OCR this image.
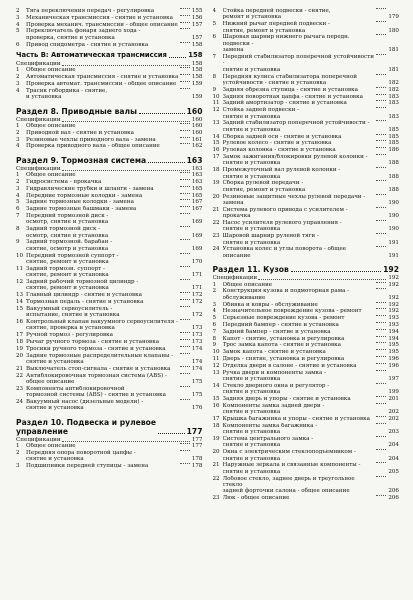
2	Тяга переключения передач - регулировка	155
3	Механическая трансмиссия - снятие и установка	156
4	Проверка механич. трансмиссии - общее описание 157
5	Переключатель фонаря заднего хода -
проверка, снятие и установка	157
6	Привод спидометра - снятие и установка	158
Часть В: Автоматическая трансмиссия	158
Спецификации	158
1	Общее описание	158
2	Автоматическая трансмиссия - снятие и установка 158
3	Проверка автомат. трансмиссии - общее описание	159
4	Трасик гобордика - снятие,
и установка	159
Раздел 8. Приводные валы	160
Спецификации	160
1	Общее описание	160
2	Приводной вал - снятие и установка	160
3	Резиновые чехлы приводного вала - замена	161
4	Проверка приводного вала - общее описание	162
Раздел 9. Тормозная система	163
Спецификации	163
1	Общее описание	163
2	Гидросистема - прокачка	163
3	Гидравлические трубки и шланги - замена	165
4	Передние тормозные колодки - замена	165
5	Задние тормозные колодки - замена	167
6	Задние тормозные башмаки - замена	167
7	Передний тормозной диск -
осмотр, снятие и установка	169
8	Задний тормозной диск -
осмотр, снятие и установка	169
9	Задний тормозной. барабан -
снятие, осмотр и установка	169
10 Передний тормозной суппорт -
снятие, ремонт и установка	170
11 Задний тормозн. суппорт -
снятие, ремонт и установка	171
12 Задний рабочий тормозной цилиндр -
снятие, ремонт и установка	171
13 Главный цилиндр - снятие и установка	172
14 Тормозная педаль - снятие и установка	172
15 Вакуумный сервоусилитель -
испытание, снятие и установка	172
16 Контрольный клапан вакуумного сервоусилителя -
снятие, проверка и установка	173
17 Ручной тормоз - регулировка	173
18 Рычаг ручного тормоза - снятие и установка	173
19 Тросики ручного тормоза - снятие и установка	174
20 Задние тормозные распределительные клапаны -
снятие и установка	174
21 Выключатель стоп-сигнала - снятие и установка	174
22 Антиблокировочная тормозная система (ABS) -
общее описание	175
23 Компоненты антиблокировочной
тормозной системы (ABS) - снятие и установка	175
24 Вакуумный насос (дизельные модели) -
снятие и установка	176
Раздел 10. Подвеска и рулевое
управление	177
Спецификации	177
1	Общее описание	177
2	Передняя опора поворотной цапфы -
снятие и установка	178
3	Подшипники передней ступицы - замена	178
4	Стойка передней подвески - снятие,
ремонт и установка	179
5	Нижний рычаг передней подвески -
снятие, ремонт и установка	180
6	Шаровая шарнир нижнего рычага передн. подвески -
замена	181
7	Передний стабилизатор поперечной устойчивости -
снятие и установка	181
8	Передняя кулиса стабилизатора поперечной
устойчивости - снятие и установка	182
9	Задняя обрезна ступица - снятие и установка	182
10 Задняя поворотная цапфа - снятие и установка	183
11 Задний амортизатор - снятие и установка	183
12 Стойка задней подвески -
снятие и установка	183
13 Задний стабилизатор поперечной устойчивости -
снятие и установка	185
14 Сборка задней оси - снятие и установка	185
15 Рулевое колесо - снятие и установка	185
16 Рулевая колонка - снятие и установка	186
17 Замок зажигания/блокировки рулевой колонки -
снятие и установка	188
18 Промежуточный вал рулевой колонки -
снятие и установка	188
19 Сборка рулевой передачи -
снятие, ремонт и установка	188
20 Резиновые защитные чехлы рулевой передачи -
замена	190
21 Система рулевого привода с усилителем - прокачка	190
22 Насос усилителя рулевого управления -
снятие и установка	190
23 Шаровой шарнир рулевой тяги -
снятие и установка	191
24 Установка колес и углы поворота - общее описание	191
Раздел 11. Кузов	192
Спецификации	192
1	Общее описание	192
2	Конструкция кузова и подмоторная рама -
обслуживание	192
3	Обивка и ковры - обслуживание	192
4	Незначительное повреждение кузова - ремонт	192
5	Серьезные повреждение кузова - ремонт	193
6	Передний бампер - снятие и установка	193
7	Задний бампер - снятие и установка	194
8	Капот - снятие, установка и регулировка	194
9	Трос замка капота - снятие и установка	195
10 Замок капота - снятие и установка	195
11 Дверь - снятие, установка и регулировка	196
12 Отделка двери в салоне - снятие и установка	196
13 Ручка двери и компоненты замка -
снятие и установка	197
14 Стекло дверного окна и регулятор -
снятие и установка	199
15 Задняя дверь и упоры - снятие и установка	201
16 Компоненты замка задней двери -
снятие и установка	202
17 Крышка багажника и упоры - снятие и установка	202
18 Компоненты замка багажника -
снятие и установка	203
19 Система центрального замка -
снятие и установка	204
20 Окна с электрическим стеклоподъемником -
снятие и установка	204
21 Наружные зеркала и связанные компоненты -
снятие и установка	205
22 Лобовое стекло, заднее дверь и треугольное стекло
задней форточки салона - общее описание	206
23 Люк - общее описание	206
